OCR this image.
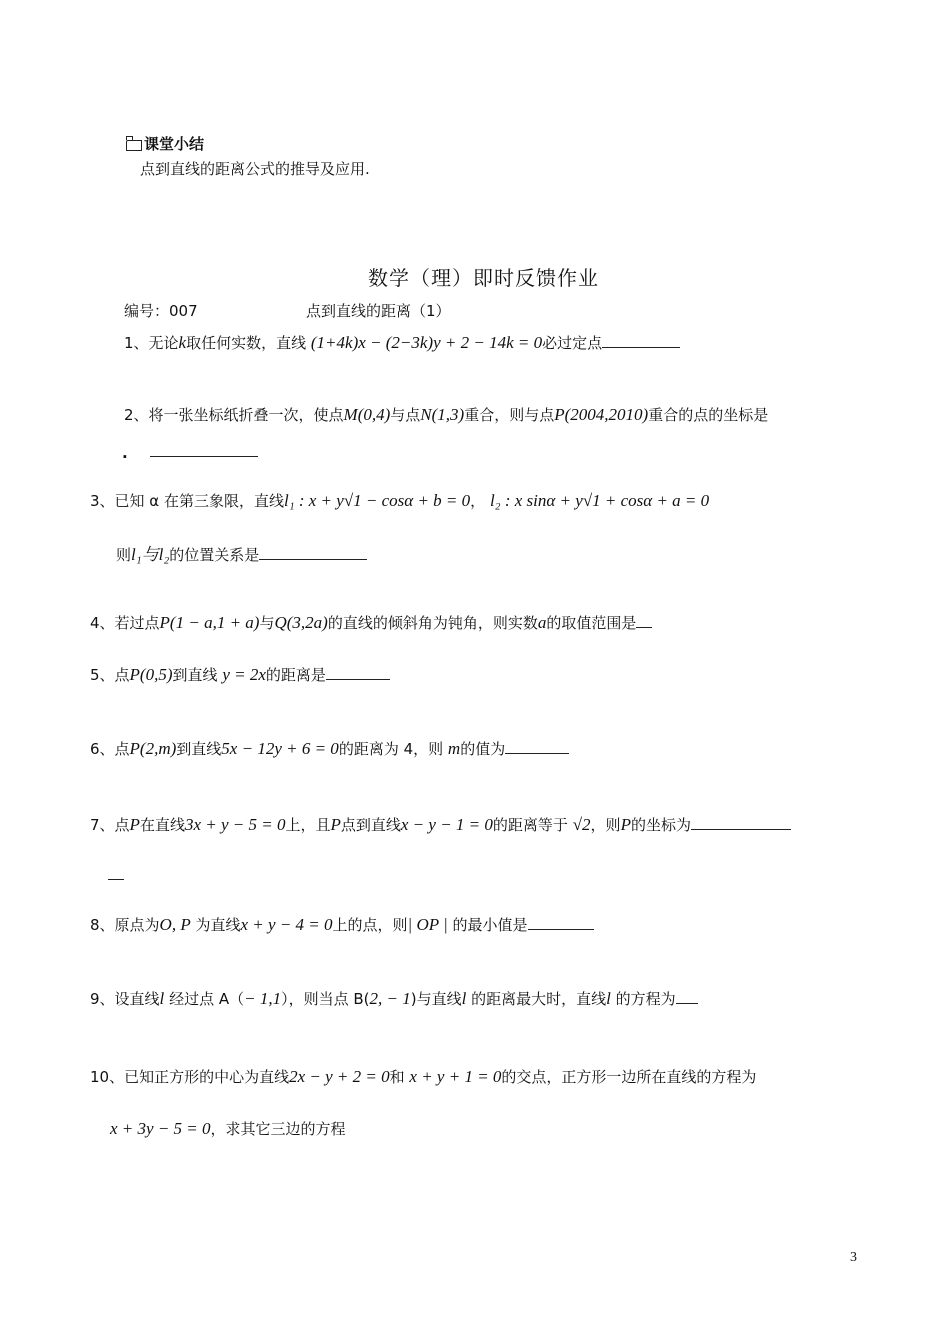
课堂小结
点到直线的距离公式的推导及应用.
数学（理）即时反馈作业
编号：007	点到直线的距离（1）
1、无论k取任何实数，直线 (1+4k)x − (2−3k)y + 2 − 14k = 0必过定点
2、将一张坐标纸折叠一次，使点M(0,4)与点N(1,3)重合，则与点P(2004,2010)重合的点的坐标是
.
3、已知 α 在第三象限，直线l₁ : x + y√1 − cosα + b = 0， l₂ : x sinα + y√1 + cosα + a = 0
则l₁与l₂的位置关系是
4、若过点P(1 − a,1 + a)与Q(3,2a)的直线的倾斜角为钝角，则实数a的取值范围是
5、点P(0,5)到直线 y = 2x的距离是
6、点P(2,m)到直线5x − 12y + 6 = 0的距离为 4，则 m的值为
7、点P在直线3x + y − 5 = 0上，且P点到直线x − y − 1 = 0的距离等于 √2，则P的坐标为
8、原点为O, P 为直线x + y − 4 = 0上的点，则| OP | 的最小值是
9、设直线l 经过点 A（− 1,1），则当点 B(2, − 1)与直线l 的距离最大时，直线l 的方程为
10、已知正方形的中心为直线2x − y + 2 = 0和 x + y + 1 = 0的交点，正方形一边所在直线的方程为
x + 3y − 5 = 0，求其它三边的方程
3
